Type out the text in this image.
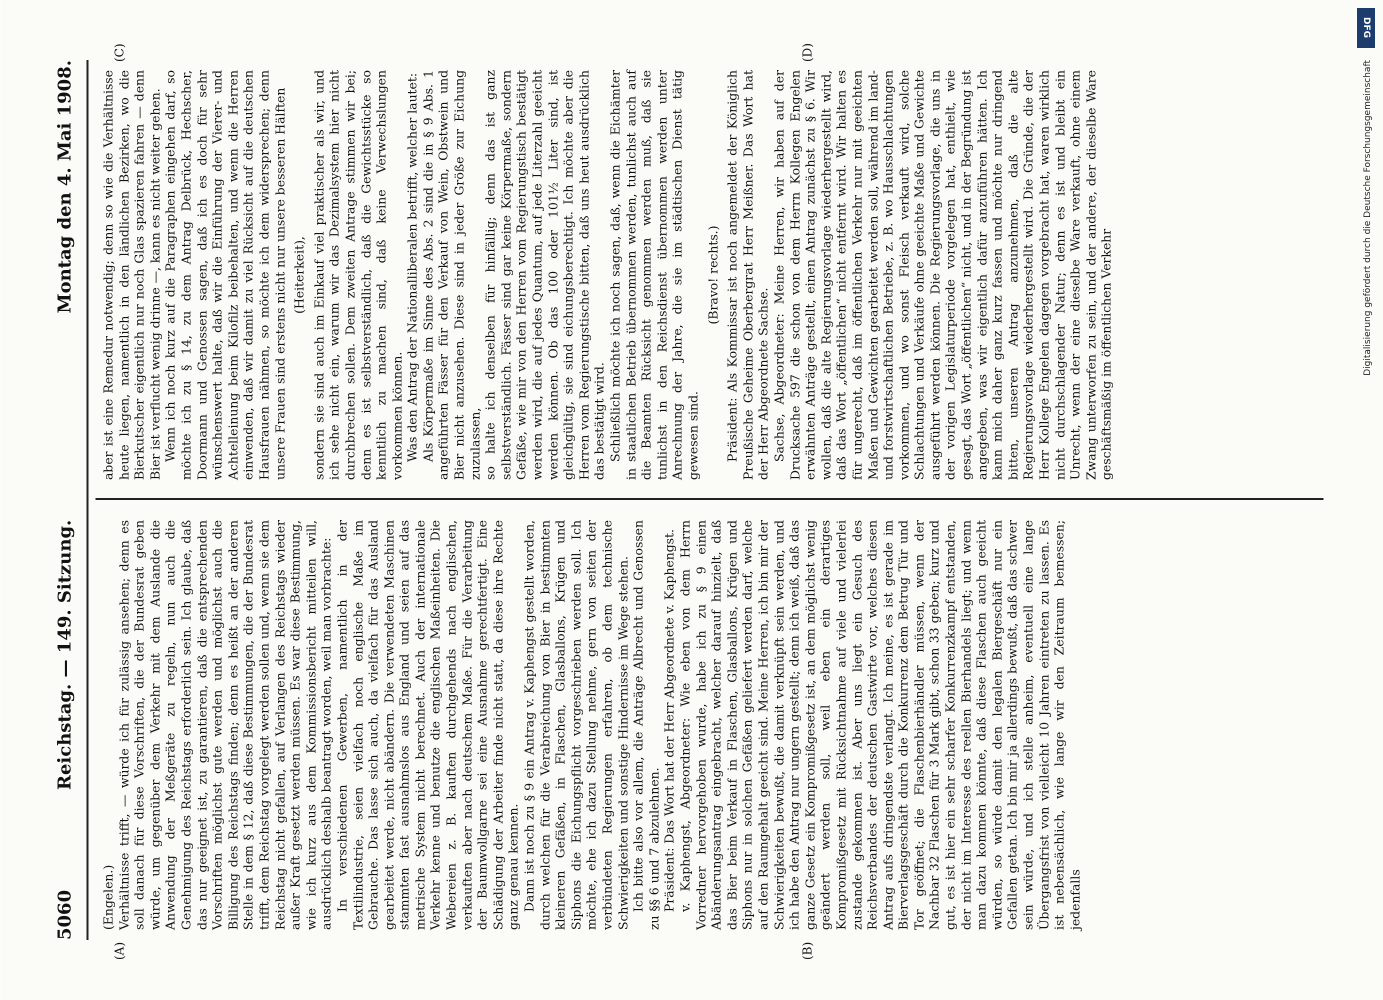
5060
Reichstag. — 149. Sitzung.
Montag den 4. Mai 1908.
(A)	(B)
(C)	(D)

(Engelen.) Verhältnisse trifft, — würde ich für zulässig ansehen; denn es soll danach für diese Vorschriften, die der Bundesrat geben würde, um gegenüber dem Verkehr mit dem Auslande die Anwendung der Meßgeräte zu regeln, nun auch die Genehmigung des Reichstags erforderlich sein. Ich glaube, daß das nur geeignet ist, zu garantieren, daß die entsprechenden Vorschriften möglichst gute werden und möglichst auch die Billigung des Reichstags finden; denn es heißt an der anderen Stelle in dem § 12, daß diese Bestimmungen, die der Bundesrat trifft, dem Reichstag vorgelegt werden sollen und, wenn sie dem Reichstag nicht gefallen, auf Verlangen des Reichstags wieder außer Kraft gesetzt werden müssen. Es war diese Bestimmung, wie ich kurz aus dem Kommissionsbericht mitteilen will, ausdrücklich deshalb beantragt worden, weil man vorbrachte: In verschiedenen Gewerben, namentlich in der Textilindustrie, seien vielfach noch englische Maße im Gebrauche. Das lasse sich auch, da vielfach für das Ausland gearbeitet werde, nicht abändern. Die verwendeten Maschinen stammten fast ausnahmslos aus England und seien auf das metrische System nicht berechnet. Auch der internationale Verkehr kenne und benutze die englischen Maßeinheiten. Die Webereien z. B. kauften durchgehends nach englischen, verkauften aber nach deutschem Maße. Für die Verarbeitung der Baumwollgarne sei eine Ausnahme gerechtfertigt. Eine Schädigung der Arbeiter finde nicht statt, da diese ihre Rechte ganz genau kennen. Dann ist noch zu § 9 ein Antrag v. Kaphengst gestellt worden, durch welchen für die Verabreichung von Bier in bestimmten kleineren Gefäßen, in Flaschen, Glasballons, Krügen und Siphons die Eichungspflicht vorgeschrieben werden soll. Ich möchte, ehe ich dazu Stellung nehme, gern von seiten der verbündeten Regierungen erfahren, ob dem technische Schwierigkeiten und sonstige Hindernisse im Wege stehen. Ich bitte also vor allem, die Anträge Albrecht und Genossen zu §§ 6 und 7 abzulehnen. Präsident: Das Wort hat der Herr Abgeordnete v. Kaphengst. v. Kaphengst, Abgeordneter: Wie eben von dem Herrn Vorredner hervorgehoben wurde, habe ich zu § 9 einen Abänderungsantrag eingebracht, welcher darauf hinzielt, daß das Bier beim Verkauf in Flaschen, Glasballons, Krügen und Siphons nur in solchen Gefäßen geliefert werden darf, welche auf den Raumgehalt geeicht sind. Meine Herren, ich bin mir der Schwierigkeiten bewußt, die damit verknüpft sein werden, und ich habe den Antrag nur ungern gestellt; denn ich weiß, daß das ganze Gesetz ein Kompromißgesetz ist, an dem möglichst wenig geändert werden soll, weil eben ein derartiges Kompromißgesetz mit Rücksichtnahme auf viele und vielerlei zustande gekommen ist. Aber uns liegt ein Gesuch des Reichsverbandes der deutschen Gastwirte vor, welches diesen Antrag aufs dringendste verlangt. Ich meine, es ist gerade im Bierverlagsgeschäft durch die Konkurrenz dem Betrug Tür und Tor geöffnet; die Flaschenbierhändler müssen, wenn der Nachbar 32 Flaschen für 3 Mark gibt, schon 33 geben; kurz und gut, es ist hier ein sehr scharfer Konkurrenzkampf entstanden, der nicht im Interesse des reellen Bierhandels liegt; und wenn man dazu kommen könnte, daß diese Flaschen auch geeicht würden, so würde damit den legalen Biergeschäft nur ein Gefallen getan. Ich bin mir ja allerdings bewußt, daß das schwer sein würde, und ich stelle anheim, eventuell eine lange Übergangsfrist von vielleicht 10 Jahren eintreten zu lassen. Es ist nebensächlich, wie lange wir den Zeitraum bemessen; jedenfalls

aber ist eine Remedur notwendig; denn so wie die Verhältnisse heute liegen, namentlich in den ländlichen Bezirken, wo die Bierkutscher eigentlich nur noch Glas spazieren fahren — denn Bier ist verflucht wenig drinne —, kann es nicht weiter gehen. Wenn ich noch kurz auf die Paragraphen eingehen darf, so möchte ich zu § 14, zu dem Antrag Delbrück, Hechscher, Doormann und Genossen sagen, daß ich es doch für sehr wünschenswert halte, daß wir die Einführung der Vierer- und Achtelleinung beim Kilofilz beibehalten, und wenn die Herren einwenden, daß wir damit zu viel Rücksicht auf die deutschen Hausfrauen nähmen, so möchte ich dem widersprechen; denn unsere Frauen sind erstens nicht nur unsere besseren Hälften (Heiterkeit), sondern sie sind auch im Einkauf viel praktischer als wir, und ich sehe nicht ein, warum wir das Dezimalsystem hier nicht durchbrechen sollen. Dem zweiten Antrage stimmen wir bei; denn es ist selbstverständlich, daß die Gewichtsstücke so kenntlich zu machen sind, daß keine Verwechslungen vorkommen können. Was den Antrag der Nationalliberalen betrifft, welcher lautet: Als Körpermaße im Sinne des Abs. 2 sind die in § 9 Abs. 1 angeführten Fässer für den Verkauf von Wein, Obstwein und Bier nicht anzusehen. Diese sind in jeder Größe zur Eichung zuzulassen, so halte ich denselben für hinfällig; denn das ist ganz selbstverständlich. Fässer sind gar keine Körpermaße, sondern Gefäße, wie mir von den Herren vom Regierungstisch bestätigt werden wird, die auf jedes Quantum, auf jede Literzahl geeicht werden können. Ob das 100 oder 101½ Liter sind, ist gleichgültig, sie sind eichungsberechtigt. Ich möchte aber die Herren vom Regierungstische bitten, daß uns heut ausdrücklich das bestätigt wird. Schließlich möchte ich noch sagen, daß, wenn die Eichämter in staatlichen Betrieb übernommen werden, tunlichst auch auf die Beamten Rücksicht genommen werden muß, daß sie tunlichst in den Reichsdienst übernommen werden unter Anrechnung der Jahre, die sie im städtischen Dienst tätig gewesen sind.

(Bravo! rechts.) Präsident: Als Kommissar ist noch angemeldet der Königlich Preußische Geheime Oberbergrat Herr Meißner. Das Wort hat der Herr Abgeordnete Sachse. Sachse, Abgeordneter: Meine Herren, wir haben auf der Drucksache 597 die schon von dem Herrn Kollegen Engelen erwähnten Anträge gestellt, einen Antrag zunächst zu § 6. Wir wollen, daß die alte Regierungsvorlage wiederhergestellt wird, daß das Wort „öffentlichen“ nicht entfernt wird. Wir halten es für ungerecht, daß im öffentlichen Verkehr nur mit geeichten Maßen und Gewichten gearbeitet werden soll, während im land- und forstwirtschaftlichen Betriebe, z. B. wo Hausschlachtungen vorkommen, und wo sonst Fleisch verkauft wird, solche Schlachtungen und Verkäufe ohne geeichte Maße und Gewichte ausgeführt werden können. Die Regierungsvorlage, die uns in der vorigen Legislaturperiode vorgelegen hat, enthielt, wie gesagt, das Wort „öffentlichen“ nicht, und in der Begründung ist angegeben, was wir eigentlich dafür anzuführen hätten. Ich kann mich daher ganz kurz fassen und möchte nur dringend bitten, unseren Antrag anzunehmen, daß die alte Regierungsvorlage wiederhergestellt wird. Die Gründe, die der Herr Kollege Engelen dagegen vorgebracht hat, waren wirklich nicht durchschlagender Natur; denn es ist und bleibt ein Unrecht, wenn der eine dieselbe Ware verkauft, ohne einem Zwang unterworfen zu sein, und der andere, der dieselbe Ware geschäftsmäßig im öffentlichen Verkehr

DFG
Digitalisierung gefördert durch die Deutsche Forschungsgemeinschaft
